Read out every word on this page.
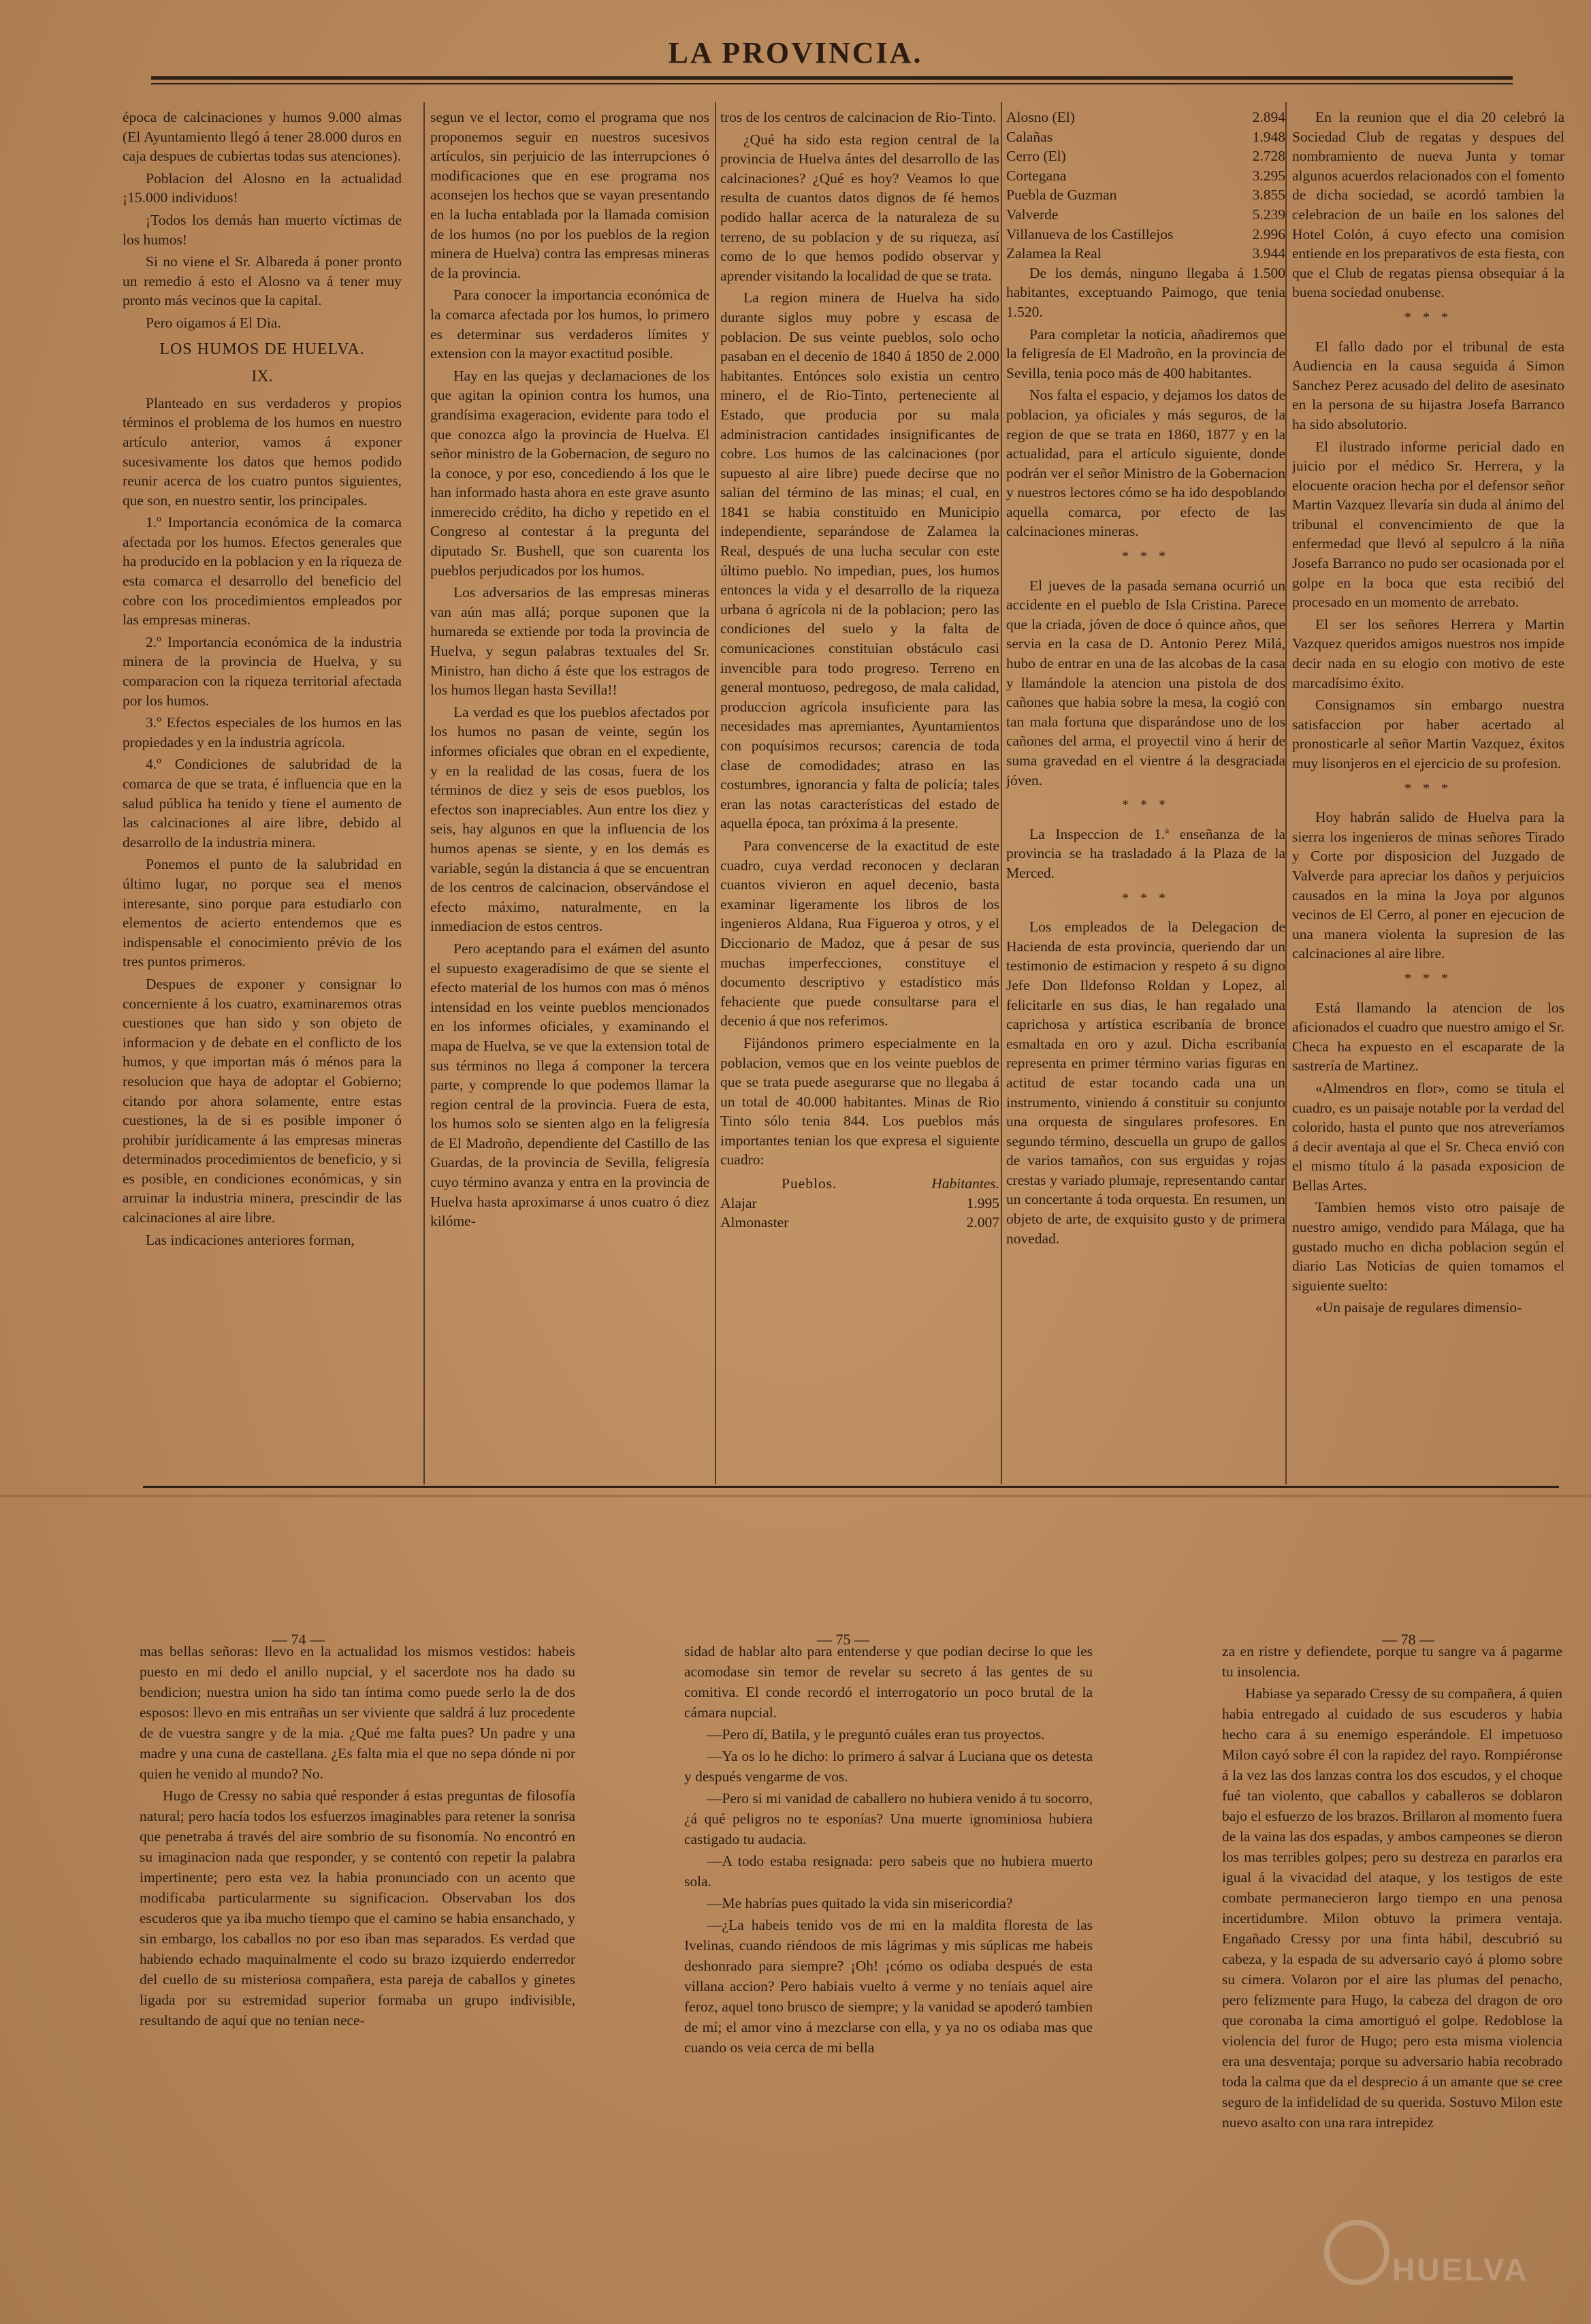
LA PROVINCIA.

época de calcinaciones y humos 9.000 almas (El Ayuntamiento llegó á tener 28.000 duros en caja despues de cubiertas todas sus atenciones).

Poblacion del Alosno en la actualidad ¡15.000 individuos!

¡Todos los demás han muerto víctimas de los humos!

Si no viene el Sr. Albareda á poner pronto un remedio á esto el Alosno va á tener muy pronto más vecinos que la capital.

Pero oigamos á El Dia.

LOS HUMOS DE HUELVA.
IX.

Planteado en sus verdaderos y propios términos el problema de los humos en nuestro artículo anterior, vamos á exponer sucesivamente los datos que hemos podido reunir acerca de los cuatro puntos siguientes, que son, en nuestro sentir, los principales.

1.º Importancia económica de la comarca afectada por los humos. Efectos generales que ha producido en la poblacion y en la riqueza de esta comarca el desarrollo del beneficio del cobre con los procedimientos empleados por las empresas mineras.

2.º Importancia económica de la industria minera de la provincia de Huelva, y su comparacion con la riqueza territorial afectada por los humos.

3.º Efectos especiales de los humos en las propiedades y en la industria agrícola.

4.º Condiciones de salubridad de la comarca de que se trata, é influencia que en la salud pública ha tenido y tiene el aumento de las calcinaciones al aire libre, debido al desarrollo de la industria minera.

Ponemos el punto de la salubridad en último lugar, no porque sea el menos interesante, sino porque para estudiarlo con elementos de acierto entendemos que es indispensable el conocimiento prévio de los tres puntos primeros.

Despues de exponer y consignar lo concerniente á los cuatro, examinaremos otras cuestiones que han sido y son objeto de informacion y de debate en el conflicto de los humos, y que importan más ó ménos para la resolucion que haya de adoptar el Gobierno; citando por ahora solamente, entre estas cuestiones, la de si es posible imponer ó prohibir jurídicamente á las empresas mineras determinados procedimientos de beneficio, y si es posible, en condiciones económicas, y sin arruinar la industria minera, prescindir de las calcinaciones al aire libre.

Las indicaciones anteriores forman,

segun ve el lector, como el programa que nos proponemos seguir en nuestros sucesivos artículos, sin perjuicio de las interrupciones ó modificaciones que en ese programa nos aconsejen los hechos que se vayan presentando en la lucha entablada por la llamada comision de los humos (no por los pueblos de la region minera de Huelva) contra las empresas mineras de la provincia.

Para conocer la importancia económica de la comarca afectada por los humos, lo primero es determinar sus verdaderos límites y extension con la mayor exactitud posible.

Hay en las quejas y declamaciones de los que agitan la opinion contra los humos, una grandísima exageracion, evidente para todo el que conozca algo la provincia de Huelva. El señor ministro de la Gobernacion, de seguro no la conoce, y por eso, concediendo á los que le han informado hasta ahora en este grave asunto inmerecido crédito, ha dicho y repetido en el Congreso al contestar á la pregunta del diputado Sr. Bushell, que son cuarenta los pueblos perjudicados por los humos.

Los adversarios de las empresas mineras van aún mas allá; porque suponen que la humareda se extiende por toda la provincia de Huelva, y segun palabras textuales del Sr. Ministro, han dicho á éste que los estragos de los humos llegan hasta Sevilla!!

La verdad es que los pueblos afectados por los humos no pasan de veinte, según los informes oficiales que obran en el expediente, y en la realidad de las cosas, fuera de los términos de diez y seis de esos pueblos, los efectos son inapreciables. Aun entre los diez y seis, hay algunos en que la influencia de los humos apenas se siente, y en los demás es variable, según la distancia á que se encuentran de los centros de calcinacion, observándose el efecto máximo, naturalmente, en la inmediacion de estos centros.

Pero aceptando para el exámen del asunto el supuesto exageradísimo de que se siente el efecto material de los humos con mas ó ménos intensidad en los veinte pueblos mencionados en los informes oficiales, y examinando el mapa de Huelva, se ve que la extension total de sus términos no llega á componer la tercera parte, y comprende lo que podemos llamar la region central de la provincia. Fuera de esta, los humos solo se sienten algo en la feligresía de El Madroño, dependiente del Castillo de las Guardas, de la provincia de Sevilla, feligresía cuyo término avanza y entra en la provincia de Huelva hasta aproximarse á unos cuatro ó diez kilóme-

tros de los centros de calcinacion de Rio-Tinto.

¿Qué ha sido esta region central de la provincia de Huelva ántes del desarrollo de las calcinaciones? ¿Qué es hoy? Veamos lo que resulta de cuantos datos dignos de fé hemos podido hallar acerca de la naturaleza de su terreno, de su poblacion y de su riqueza, así como de lo que hemos podido observar y aprender visitando la localidad de que se trata.

La region minera de Huelva ha sido durante siglos muy pobre y escasa de poblacion. De sus veinte pueblos, solo ocho pasaban en el decenio de 1840 á 1850 de 2.000 habitantes. Entónces solo existia un centro minero, el de Rio-Tinto, perteneciente al Estado, que producia por su mala administracion cantidades insignificantes de cobre. Los humos de las calcinaciones (por supuesto al aire libre) puede decirse que no salian del término de las minas; el cual, en 1841 se habia constituido en Municipio independiente, separándose de Zalamea la Real, después de una lucha secular con este último pueblo. No impedian, pues, los humos entonces la vida y el desarrollo de la riqueza urbana ó agrícola ni de la poblacion; pero las condiciones del suelo y la falta de comunicaciones constituian obstáculo casi invencible para todo progreso. Terreno en general montuoso, pedregoso, de mala calidad, produccion agrícola insuficiente para las necesidades mas apremiantes, Ayuntamientos con poquísimos recursos; carencia de toda clase de comodidades; atraso en las costumbres, ignorancia y falta de policía; tales eran las notas características del estado de aquella época, tan próxima á la presente.

Para convencerse de la exactitud de este cuadro, cuya verdad reconocen y declaran cuantos vivieron en aquel decenio, basta examinar ligeramente los libros de los ingenieros Aldana, Rua Figueroa y otros, y el Diccionario de Madoz, que á pesar de sus muchas imperfecciones, constituye el documento descriptivo y estadístico más fehaciente que puede consultarse para el decenio á que nos referimos.

Fijándonos primero especialmente en la poblacion, vemos que en los veinte pueblos de que se trata puede asegurarse que no llegaba á un total de 40.000 habitantes. Minas de Rio Tinto sólo tenia 844. Los pueblos más importantes tenian los que expresa el siguiente cuadro:

Pueblos.	Habitantes.
Alajar	1.995
Almonaster	2.007
Alosno (El)	2.894
Calañas	1.948
Cerro (El)	2.728
Cortegana	3.295
Puebla de Guzman	3.855
Valverde	5.239
Villanueva de los Castillejos	2.996
Zalamea la Real	3.944

De los demás, ninguno llegaba á 1.500 habitantes, exceptuando Paimogo, que tenia 1.520.

Para completar la noticia, añadiremos que la feligresía de El Madroño, en la provincia de Sevilla, tenia poco más de 400 habitantes.

Nos falta el espacio, y dejamos los datos de poblacion, ya oficiales y más seguros, de la region de que se trata en 1860, 1877 y en la actualidad, para el artículo siguiente, donde podrán ver el señor Ministro de la Gobernacion y nuestros lectores cómo se ha ido despoblando aquella comarca, por efecto de las calcinaciones mineras.

* * *

El jueves de la pasada semana ocurrió un accidente en el pueblo de Isla Cristina. Parece que la criada, jóven de doce ó quince años, que servia en la casa de D. Antonio Perez Milá, hubo de entrar en una de las alcobas de la casa y llamándole la atencion una pistola de dos cañones que habia sobre la mesa, la cogió con tan mala fortuna que disparándose uno de los cañones del arma, el proyectil vino á herir de suma gravedad en el vientre á la desgraciada jóven.

* * *

La Inspeccion de 1.ª enseñanza de la provincia se ha trasladado á la Plaza de la Merced.

* * *

Los empleados de la Delegacion de Hacienda de esta provincia, queriendo dar un testimonio de estimacion y respeto á su digno Jefe Don Ildefonso Roldan y Lopez, al felicitarle en sus dias, le han regalado una caprichosa y artística escribanía de bronce esmaltada en oro y azul. Dicha escribanía representa en primer término varias figuras en actitud de estar tocando cada una un instrumento, viniendo á constituir su conjunto una orquesta de singulares profesores. En segundo término, descuella un grupo de gallos de varios tamaños, con sus erguidas y rojas crestas y variado plumaje, representando cantar un concertante á toda orquesta. En resumen, un objeto de arte, de exquisito gusto y de primera novedad.

En la reunion que el dia 20 celebró la Sociedad Club de regatas y despues del nombramiento de nueva Junta y tomar algunos acuerdos relacionados con el fomento de dicha sociedad, se acordó tambien la celebracion de un baile en los salones del Hotel Colón, á cuyo efecto una comision entiende en los preparativos de esta fiesta, con que el Club de regatas piensa obsequiar á la buena sociedad onubense.

* * *

El fallo dado por el tribunal de esta Audiencia en la causa seguida á Simon Sanchez Perez acusado del delito de asesinato en la persona de su hijastra Josefa Barranco ha sido absolutorio.

El ilustrado informe pericial dado en juicio por el médico Sr. Herrera, y la elocuente oracion hecha por el defensor señor Martin Vazquez llevaría sin duda al ánimo del tribunal el convencimiento de que la enfermedad que llevó al sepulcro á la niña Josefa Barranco no pudo ser ocasionada por el golpe en la boca que esta recibió del procesado en un momento de arrebato.

El ser los señores Herrera y Martin Vazquez queridos amigos nuestros nos impide decir nada en su elogio con motivo de este marcadísimo éxito.

Consignamos sin embargo nuestra satisfaccion por haber acertado al pronosticarle al señor Martin Vazquez, éxitos muy lisonjeros en el ejercicio de su profesion.

* * *

Hoy habrán salido de Huelva para la sierra los ingenieros de minas señores Tirado y Corte por disposicion del Juzgado de Valverde para apreciar los daños y perjuicios causados en la mina la Joya por algunos vecinos de El Cerro, al poner en ejecucion de una manera violenta la supresion de las calcinaciones al aire libre.

* * *

Está llamando la atencion de los aficionados el cuadro que nuestro amigo el Sr. Checa ha expuesto en el escaparate de la sastrería de Martinez.

«Almendros en flor», como se titula el cuadro, es un paisaje notable por la verdad del colorido, hasta el punto que nos atreveríamos á decir aventaja al que el Sr. Checa envió con el mismo título á la pasada exposicion de Bellas Artes.

Tambien hemos visto otro paisaje de nuestro amigo, vendido para Málaga, que ha gustado mucho en dicha poblacion según el diario Las Noticias de quien tomamos el siguiente suelto:

«Un paisaje de regulares dimensio-

— 74 —	— 75 —	— 78 —

mas bellas señoras: llevo en la actualidad los mismos vestidos: habeis puesto en mi dedo el anillo nupcial, y el sacerdote nos ha dado su bendicion; nuestra union ha sido tan íntima como puede serlo la de dos esposos: llevo en mis entrañas un ser viviente que saldrá á luz procedente de de vuestra sangre y de la mia. ¿Qué me falta pues? Un padre y una madre y una cuna de castellana. ¿Es falta mia el que no sepa dónde ni por quien he venido al mundo? No.

Hugo de Cressy no sabia qué responder á estas preguntas de filosofía natural; pero hacía todos los esfuerzos imaginables para retener la sonrisa que penetraba á través del aire sombrio de su fisonomía. No encontró en su imaginacion nada que responder, y se contentó con repetir la palabra impertinente; pero esta vez la habia pronunciado con un acento que modificaba particularmente su significacion. Observaban los dos escuderos que ya iba mucho tiempo que el camino se habia ensanchado, y sin embargo, los caballos no por eso iban mas separados. Es verdad que habiendo echado maquinalmente el codo su brazo izquierdo enderredor del cuello de su misteriosa compañera, esta pareja de caballos y ginetes ligada por su estremidad superior formaba un grupo indivisible, resultando de aquí que no tenian nece-

sidad de hablar alto para entenderse y que podian decirse lo que les acomodase sin temor de revelar su secreto á las gentes de su comitiva. El conde recordó el interrogatorio un poco brutal de la cámara nupcial.

—Pero dí, Batila, y le preguntó cuáles eran tus proyectos.

—Ya os lo he dicho: lo primero á salvar á Luciana que os detesta y después vengarme de vos.

—Pero si mi vanidad de caballero no hubiera venido á tu socorro, ¿á qué peligros no te esponías? Una muerte ignominiosa hubiera castigado tu audacia.

—A todo estaba resignada: pero sabeis que no hubiera muerto sola.

—Me habrías pues quitado la vida sin misericordia?

—¿La habeis tenido vos de mi en la maldita floresta de las Ivelinas, cuando riéndoos de mis lágrimas y mis súplicas me habeis deshonrado para siempre? ¡Oh! ¡cómo os odiaba después de esta villana accion? Pero habiais vuelto á verme y no teníais aquel aire feroz, aquel tono brusco de siempre; y la vanidad se apoderó tambien de mí; el amor vino á mezclarse con ella, y ya no os odiaba mas que cuando os veia cerca de mi bella

za en ristre y defiendete, porque tu sangre va á pagarme tu insolencia.

Habiase ya separado Cressy de su compañera, á quien habia entregado al cuidado de sus escuderos y habia hecho cara á su enemigo esperándole. El impetuoso Milon cayó sobre él con la rapidez del rayo. Rompiéronse á la vez las dos lanzas contra los dos escudos, y el choque fué tan violento, que caballos y caballeros se doblaron bajo el esfuerzo de los brazos. Brillaron al momento fuera de la vaina las dos espadas, y ambos campeones se dieron los mas terribles golpes; pero su destreza en pararlos era igual á la vivacidad del ataque, y los testigos de este combate permanecieron largo tiempo en una penosa incertidumbre. Milon obtuvo la primera ventaja. Engañado Cressy por una finta hábil, descubrió su cabeza, y la espada de su adversario cayó á plomo sobre su cimera. Volaron por el aire las plumas del penacho, pero felizmente para Hugo, la cabeza del dragon de oro que coronaba la cima amortiguó el golpe. Redoblose la violencia del furor de Hugo; pero esta misma violencia era una desventaja; porque su adversario habia recobrado toda la calma que da el desprecio á un amante que se cree seguro de la infidelidad de su querida. Sostuvo Milon este nuevo asalto con una rara intrepidez

HUELVA
